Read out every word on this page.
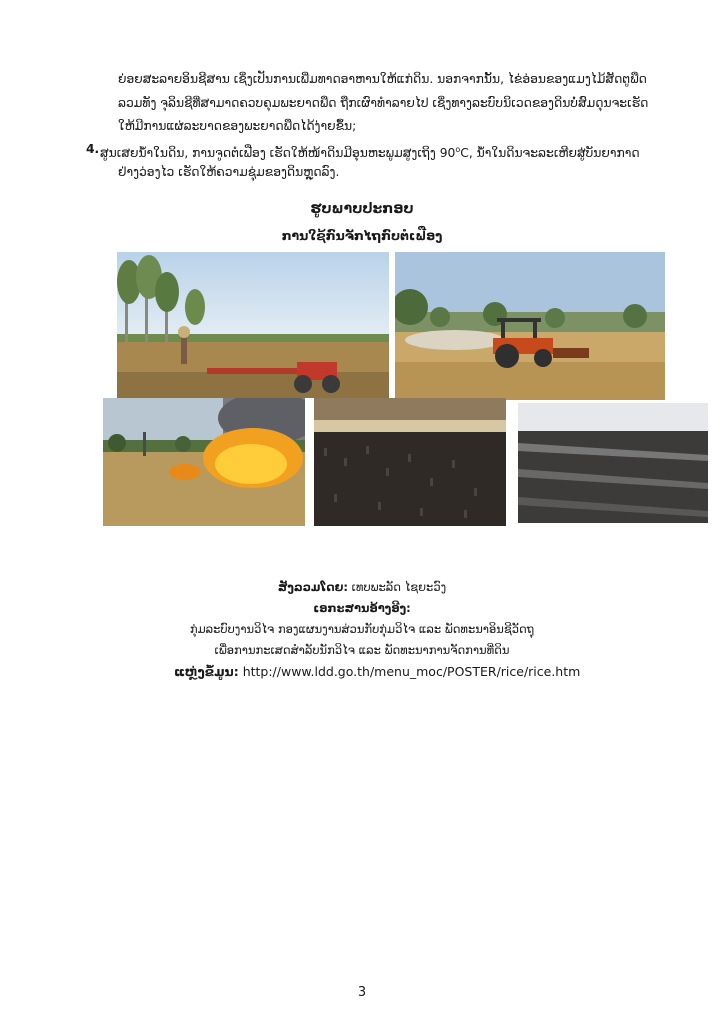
ຍ່ອຍສະລາຍອິນຊີສານ ເຊິ່ງເປັນການເພີ່ມທາດອາຫານໃຫ້ແກ່ດິນ. ນອກຈາກນັ້ນ, ໄຂ່ອ່ອນຂອງແມງໄມ້ສັດຕູພືດ
ລວມທັງ ຈຸລິນຊີທີ່ສາມາດຄວບຄຸມພະຍາດພືດ ຖືກເຜົາທຳລາຍໄປ ເຊິ່ງທາງລະບົບນິເວດຂອງດິນບໍ່ສົມດຸນຈະເຮັດ
ໃຫ້ມີການແຜ່ລະບາດຂອງພະຍາດພືດໄດ້ງ່າຍຂຶ້ນ;
4. ສູນເສຍນ້ຳໃນດິນ, ການຈູດຕໍເຟືອງ ເຮັດໃຫ້ໜ້າດິນມີອຸນຫະພູມສູງເຖິງ 90$^o$C, ນ້ຳໃນດິນຈະລະເຫີຍສູ່ບັນຍາກາດ
ຢ່າງວ່ອງໄວ ເຮັດໃຫ້ຄວາມຊຸ່ມຂອງດິນຫຼຸດລົງ.
ຮູບພາບປະກອບ
ການໃຊ້ກົນຈັກໄຖກົບຕໍເຟືອງ
ສັງລວມໂດຍ: ເທບພະລັດ ໄຊຍະວົງ
ເອກະສານອ້າງອີງ:
ກຸ່ມລະບົບງານວິໄຈ ກອງແຜນງານສ່ວນກັບກຸ່ມວິໄຈ ແລະ ພັດທະນາອິນຊີວັດຖຸ
ເພື່ອການກະເສດສຳລັບນັກວິໄຈ ແລະ ພັດທະນາການຈັດການທີ່ດິນ
ແຫຼ່ງຂໍ້ມູນ: http://www.ldd.go.th/menu_moc/POSTER/rice/rice.htm
3
